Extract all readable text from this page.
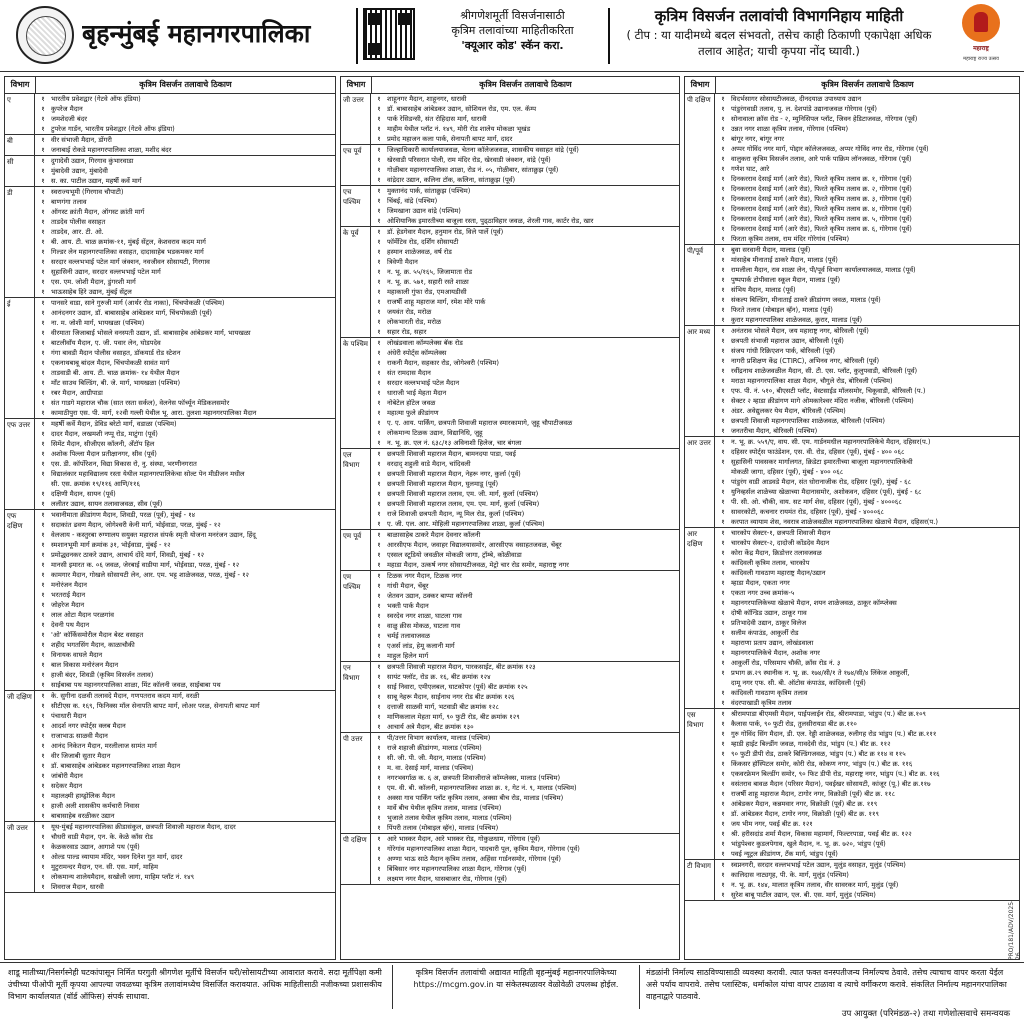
बृहन्मुंबई महानगरपालिका
श्रीगणेशमूर्ती विसर्जनासाठी
कृत्रिम तलावांच्या माहितीकरिता
'क्यूआर कोड' स्कॅन करा.
कृत्रिम विसर्जन तलावांची विभागनिहाय माहिती
( टीप : या यादीमध्ये बदल संभवतो, तसेच काही ठिकाणी एकापेक्षा अधिक तलाव आहेत; याची कृपया नोंद घ्यावी.)	महाराष्ट्र
महाराष्ट्र राज्य उत्सव
विभाग	कृत्रिम विसर्जन तलावाचे ठिकाण
ए	१ भारतीय प्रवेशद्वार (गेटवे ऑफ इंडिया)
१ कुपरेज मैदान
१ जमशेदजी बंदर
१ टुपरेज गार्डन, भारतीय प्रवेशद्वार (गेटवे ऑफ इंडिया)
बी	१ वीर संभाजी मैदान, डोंगरी
१ जनाबाई रोकडे महानगरपालिका शाळा, मशीद बंदर
सी	१ दुगादेवी उद्यान, गिरगाव कुंभारवाडा
१ मुंबादेवी उद्यान, मुंबादेवी
१ स. का. पाटील उद्यान, महर्षी कर्वे मार्ग
डी	१ स्वराज्यभूमी (गिरगाव चौपाटी)
१ बाणगंगा तलाव
१ ऑगस्ट क्रांती मैदान, ऑगस्ट क्रांती मार्ग
१ ताडदेव पोलीस वसाहत
१ ताडदेव, आर. टी. ओ.
१ बी. आय. टी. चाळ क्रमांक-११, मुंबई सेंट्रल, केशवराव कदम मार्ग
१ गिल्डर लेन महानगरपालिका वसाहत, दादासाहेब भडकमकर मार्ग
१ सरदार वल्लभभाई पटेल मार्ग जंक्शन, नवजीवन सोसायटी, गिरगाव
१ सुहासिनी उद्यान, सरदार वल्लभभाई पटेल मार्ग
१ एस. एम. जोशी मैदान, डुंगरशी मार्ग
१ भाऊसाहेब हिरे उद्यान, मुंबई सेंट्रल
ई	१ पानसरे वाडा, साने गुरुजी मार्ग (आर्थर रोड नाका), चिंचपोकळी (पश्चिम)
१ आनंदनगर उद्यान, डॉ. बाबासाहेब आंबेडकर मार्ग, चिंचपोकळी (पूर्व)
१ ना. म. जोशी मार्ग, भायखळा (पश्चिम)
१ वीरमाता जिजाबाई भोसले वनस्पती उद्यान, डॉ. बाबासाहेब आंबेडकर मार्ग, भायखळा
१ बाटलीवाँय मैदान, ए. जी. पवार लेन, घोडपदेव
१ गंगा बावडी मैदान पोलीस वसाहत, डॉकयार्ड रोड स्टेशन
१ एकनाथबाबू बांदल मैदान, चिंचपोकळी सावंत मार्ग
१ ताडवाडी बी. आय. टी. चाळ क्रमांक- १४ येथील मैदान
१ मॉंट साउथ बिल्डिंग, बी. जे. मार्ग, भायखळा (पश्चिम)
१ रबर मैदान, आग्रीपाडा
१ संत गाडगे महाराज चौक (सात रस्ता सर्कल), वेलनेस फॉर्च्यून मेडिकलसमोर
१ कामाठीपुरा एस. पी. मार्ग, १२वी गल्ली येथील भू. आरा. तुलशा महानगरपालिका मैदान
एफ उत्तर	१ महर्षी कर्वे मैदान, डेविड बरेटो मार्ग, वडाळा (पश्चिम)
१ दादर मैदान, लखमशी नप्पू रोड, माटुंगा (पूर्व)
१ सिमेंट मैदान, सीजीएस कॉलनी, ॲंटॉप हिल
१ अशोक पिल्ला मैदान प्रतीक्षानगर, सीव (पूर्व)
१ एस. डी. कॉर्पोरेशन, विद्या विकास रो, नु. संस्था, भरणीनगरात
१ विद्यालंकार महाविद्यालय रस्ता येथील महानगरपालिकेचा सोल्ट पेन मीडीजन मधील
सी. एस. क्रमांक १९/११६ आणि/११६
१ दक्षिणी मैदान, सायन (पूर्व)
१ ललीतर उद्यान, सायन तलावाजवळ, सीव (पूर्व)
एफ दक्षिण
१ भवानीमाता क्रीडांगण मैदान, शिवडी, परळ (पूर्व), मुंबई - १४
१ सदाकांत ढवण मैदान, जोगेश्वरी केनी मार्ग, भोईवाडा, परळ, मुंबई - १२
१ वेलजाय - कस्तुरबा रुग्णालय सयुक्त महाराज संपर्क स्मृती योजना मनरंजन उद्यान, हिंदू
१ स्मशानभूमी मार्ग क्रमांक ३१, भोईवाडा, मुंबई - १२
१ प्रमोद्ध्यनकर ठाकरे उद्यान, आचार्य दोंदे मार्ग, शिवडी, मुंबई - १२
१ मानसी इमारत क. ०६ जवळ, जेरबाई वाडीया मार्ग, भोईवाडा, परळ, मुंबई - १२
१ कामगार मैदान, गोखले सोसायटी लेन, आर. एम. भट्ट शाळेजवळ, परळ, मुंबई - १२
१ मनोरंजन मैदान
१ भरतराई मैदान
१ जोहरेज मैदान
१ लाल ओटा मैदान परळगांव
१ देवनी पथ मैदान
१ 'ओ' कॉर्किसमोरील मैदान बेस्ट वसाहत
१ शहीद भगतसिंग मैदान, काळाचौकी
१ विनायक वाघले मैदान
१ बाल विकास मनोरंजन मैदान
१ हाजी बंदर, शिवडी (कृत्रिम विसर्जन तलाव)
१ साईबाबा पथ महानगरपालिका शाळा, मिंट कॉलनी जवळ, साईबाबा पथ
जी दक्षिण	१ के. सुगीना दळवी तलावदे मैदान, गणपतराव कदम मार्ग, वरळी
१ सीटीएस क. १६९, फिनिक्स मॉल सेनापति बापट मार्ग, लोअर परळ, सेनापती बापट मार्ग
१ पंचाधारी मैदान
१ आदर्श नगर स्पोर्ट्स क्लब मैदान
१ राजाभाऊ साळवी मैदान
१ आनंद निकेतन मैदान, मरलीलाज सामंत मार्ग
१ वीर जिजाबी सुतार मैदान
१ डॉ. बाबासाहेब आंबेडकर महानगरपालिका शाळा मैदान
१ जांबोरी मैदान
१ सदेकर मैदान
१ महालक्ष्मी हाय्ड्रोलिक मैदान
१ हाजी अली शासकीय कर्मचारी निवास
१ बाबासाहेब वरळीकर उद्यान
जी उत्तर	१ यूथ-मुंबई महानगरपालिका क्रीडासंकुल, छत्रपती शिवाजी महाराज मैदान, दादर
१ चौधरी वाडी मैदान, एन. के. केळे कॉस रोड
१ केळकरवाड उद्यान, आगाशे पथ (पूर्व)
१ ओल्ड पाल्ड व्यायाम मंदिर, भवन दिनेश गुत मार्ग, दादर
१ मुटुरामन्दर मैदान, एन. सी. एस. मार्ग, माहिम
१ लोकमान्य शालेयमैदान, सखोली जागा, माहिम प्लॉट नं. १४९
१ शिवराज मैदान, धारवी
विभाग	कृत्रिम विसर्जन तलावाचे ठिकाण
जी उत्तर	१ शाहूनगर मैदान, शाहूनगर, धारावी
१ डॉ. बाबासाहेब आंबेडकर उद्यान, सोशियल रोड, एम. एल. कॅम्प
१ पार्क रेसिडन्सी, संत रोहिदास मार्ग, धारावी
१ माहीम येथील प्लॉट नं. १४९, मोरी रोड शालेय मोकळा भूखंड
१ प्रमोद महाजन कला पार्क, सेनापती बापट मार्ग, दादर
एच पूर्व	१ जिल्हाधिकारी कार्यालयाजवळ, चेतना कॉलेजजवळ, शासकीय वसाहत वांद्रे (पूर्व)
१ खेरवाडी परिसरात पोली, राम मंदिर रोड, खेरवाडी जंक्शन, वांद्रे (पूर्व)
१ गोळीबार महानगरपालिका शाळा, रोड नं. ०५, गोळीबार, सांताक्रुझ (पूर्व)
१ वांद्रेदार उद्यान, कलिना टॉक, कलिना, सांताक्रुझ (पूर्व)
एच पश्चिम
१ मुक्तानंद पार्क, सांताक्रुझ (पश्चिम)
१ चिंबई, वांद्रे (पश्चिम)
१ जिमखाना उद्यान वांद्रे (पश्चिम)
१ ओशियानिक इमारतीच्या बाजूला रस्ता, पुढ्ठाविहार जवळ, शेरली गाव, कार्टर रोड, खार
के पूर्व	१ डॉ. हेडगेवार मैदान, हनुमान रोड, विले पार्ले (पूर्व)
१ फॉर्मेटिव रोड, दर्शिंग सोसायटी
१ हस्मान शाळेजवळ, वर्ष रोड
१ त्रिवेणी मैदान
१ न. भू. क्र. ५५/१६५, जिजामाता रोड
१ न. भू. क्र. ५७१, सहारी रस्ते शाळा
१ महाकाली गुंफा रोड, एमआयडीसी
१ राजर्षी शाहू महाराज मार्ग, रमेश मोरे पार्क
१ जयवंत रोड, मरोळ
१ लोकभारती रोड, मरोळ
१ सहार रोड, सहार
के पश्चिम	१ लोखंडवाला कॉम्पलेक्स बॅक रोड
१ अंधेरी स्पोर्ट्स कॉम्पलेक्स
१ राकनी मैदान, सहकार रोड, जोगेश्वरी (पश्चिम)
१ संत रामदास मैदान
१ सरदार वल्लभभाई पटेल मैदान
१ धाराजी भाई मेहता मैदान
१ नोबेटेल हॉटेल जवळ
१ महात्मा फुले क्रीडांगण
१ ए. ए. आय. पार्किंग, छत्रपती शिवाजी महाराज स्मारकामागे, जुहू चौपाटीजवळ
१ लोकमान्य टिळक उद्यान, विद्यानिधि, जुहू
१ न. भू. क्र. एल नं. ६३८/१३ अविनाशी हिलेज, चार बंगला
एल विभाग
१ छत्रपती शिवाजी महाराज मैदान, बामनदया पाडा, पवई
१ वरदाद् शहुली वाडे मैदान, चांदिवली
१ छत्रपती शिवाजी महाराज मैदान, नेहरू नगर, कुर्ला (पूर्व)
१ छत्रपती शिवाजी महाराज मैदान, घुलमाडू (पूर्व)
१ छत्रपती शिवाजी महाराज तलाव, एम. जी. मार्ग, कुर्ला (पश्चिम)
१ छत्रपती शिवाजी महाराज तलाव, एम. एम. मार्ग, कुर्ला (पश्चिम)
१ राजे शिवाजी छत्रपती मैदान, न्यू मिल रोड, कुर्ला (पश्चिम)
१ ए. जी. एल. आर. मोहिली महानगरपालिका शाळा, कुर्ला (पश्चिम)
एम पूर्व	१ बाळासाहेब ठाकरे मैदान देवनार कॉलनी
१ आरसीएफ मैदान, जवाहर विद्यालयासमोर, आरसीएफ वसाहतजवळ, चेंबूर
१ एस्सल स्टूडियो जवळील मोकळी जागा, ट्रॉम्बे, कोळीवाडा
१ महाडा मैदान, उत्कर्ष नगर सोसायटीजवळ, मेट्रो चार रोड समोर, महाराष्ट्र नगर
एम पश्चिम
१ टिळक नगर मैदान, टिळक नगर
१ गांधी मैदान, चेंबूर
१ जेतवन उद्यान, ठक्कर बाप्पा कॉलनी
१ भक्ती पार्क मैदान
१ स्वरदेव नगर शाळा, घाटला गाव
१ वाळु क्रीस मोकळ, घाटला गाव
१ चर्मई तलावाजवळ
१ एअर्स लांड, हेमू कलानी मार्ग
१ माहुल हिलेन मार्ग
एन विभाग
१ छत्रपती शिवाजी महाराज मैदान, पारकसाईट, बीट क्रमांक १२३
१ सायंट फ्लॉट, रोड क्र. १६, बीट क्रमांक १२४
१ साई निवारा, एमीएलबल, घाटकोपर (पूर्व) बीट क्रमांक १२५
१ साबू नेहरू मैदान, साईनाथ नगर रोड बीट क्रमांक १२६
१ दत्ताजी साळवी मार्ग, भटवाडी बीट क्रमांक १२८
१ माणिकलाल मेहता मार्ग, ९० फुटी रोड, बीट क्रमांक १२९
१ आचार्य अत्रे मैदान, बीट क्रमांक १३०
पी उत्तर	१ पी/उत्तर विभाग कार्यालय, मालाड (पश्चिम)
१ राजे शहाजी क्रीडांगण, मालाड (पश्चिम)
१ सी. जी. पी. जी. मैदान, मालाड (पश्चिम)
१ म. वा. देसाई मार्ग, मालाड (पश्चिम)
१ नगरभवर्गाळ क. ६ अ, छत्रपती शिवाजीराजे कॉम्प्लेक्स, मालाड (पश्चिम)
१ एम. वी. बी. कॉलनी, महानगरपालिका शाळा क्र. १, गेट नं. ९, मालाड (पश्चिम)
१ अक्सा गाव पार्किंग प्लॉट कृत्रिम तलाव, अक्सा बीच रोड, मालाड (पश्चिम)
१ मार्वे बीच येथील कृत्रिम तलाव, मालाड (पश्चिम)
१ भुजाले तलाव येथील कृत्रिम तलाव, मालाड (पश्चिम)
१ पिंपरी तलाव (मोबाइल व्हॅन), मालाड (पश्चिम)
पी दक्षिण	१ आरे भास्कर मैदान, आरे भास्कर रोड, गोकुळधाम, गोरेगाव (पूर्व)
१ गोरेगांव महानगरपालिका शाळा मैदान, पादचारी पूल, कृत्रिम मैदान, गोरेगाव (पूर्व)
१ अण्णा भाऊ साठे मैदान कृत्रिम तलाव, अहिंसा गार्डनसमोर, गोरेगाव (पूर्व)
१ बिंबिसार नगर महानगरपालिका शाळा मैदान, गोरेगाव (पूर्व)
१ लक्ष्मण नगर मैदान, घासबाजार रोड, गोरेगाव (पूर्व)
विभाग	कृत्रिम विसर्जन तलावाचे ठिकाण
पी दक्षिण	१ विदर्भसागर सोसायटीजवळ, दीनदयाळ उपाध्याय उद्यान
१ पांडुरंगवाडी तलाव, पु. ल. देशपांडे उद्यानाजवळ गोरेगाव (पूर्व)
१ सोनावाला क्रॉस रोड - २, म्युनिसिपल प्लॉट, जिवन हेडिटाजवळ, गोरेगाव (पूर्व)
१ उन्नत नगर शाळा कृत्रिम तलाव, गोरेगाव (पश्चिम)
१ बांगूर नगर, बांगूर नगर
१ अप्पर गोविंद नगर मार्ग, पोद्दार कॉलेजजवळ, अप्पर गोविंद नगर रोड, गोरेगाव (पूर्व)
१ वालुकरा कृत्रिम विसर्जन तलाव, आरे पार्क पाक्रिम लॉनजवळ, गोरेगाव (पूर्व)
१ गणेश घाट, आरे
१ दिनकरराव देसाई मार्ग (आरे रोड), फिरते कृत्रिम तलाव क्र. १, गोरेगाव (पूर्व)
१ दिनकरराव देसाई मार्ग (आरे रोड), फिरते कृत्रिम तलाव क्र. २, गोरेगाव (पूर्व)
१ दिनकरराव देसाई मार्ग (आरे रोड), फिरते कृत्रिम तलाव क्र. ३, गोरेगाव (पूर्व)
१ दिनकरराव देसाई मार्ग (आरे रोड), फिरते कृत्रिम तलाव क्र. ४, गोरेगाव (पूर्व)
१ दिनकरराव देसाई मार्ग (आरे रोड), फिरते कृत्रिम तलाव क्र. ५, गोरेगाव (पूर्व)
१ दिनकरराव देसाई मार्ग (आरे रोड), फिरते कृत्रिम तलाव क्र. ६, गोरेगाव (पूर्व)
१ फिरता कृत्रिम तलाव, राम मंदिर गोरेगांव (पश्चिम)
पी/पूर्व	१ बुवा सरवानी मैदान, मालाड (पूर्व)
१ मांसाहेब मीनाताई ठाकरे मैदान, मालाड (पूर्व)
१ रामलीला मैदान, राव शाळा लेन, पी/पूर्व विभाग कार्यालयाजवळ, मालाड (पूर्व)
१ पुष्पपार्क टोपीवाला स्कूल मैदान, मालाड (पूर्व)
१ संभिय मैदान, मालाड (पूर्व)
१ संकल्प बिल्डिंग, मीनाताई ठाकरे क्रीडांगण जवळ, मालाड (पूर्व)
१ फिरते तलाव (मोबाइल व्हॅन), मालाड (पूर्व)
१ कुरार महानगरपालिका शाळेजवळ, कुरार, मालाड (पूर्व)
आर मध्य	१ अनंतराव भोसले मैदान, जय महाराष्ट्र नगर, बोरिवली (पूर्व)
१ छत्रपती संभाजी महाराज उद्यान, बोरिवली (पूर्व)
१ संजय गांधी रिक्रिएशन पार्क, बोरिवली (पूर्व)
१ नागरी प्रशिक्षण केंद्र (CTIRC), अभिनव नगर, बोरिवली (पूर्व)
१ रवींद्रनाथ शाळेजवळील मैदान, सी. टी. एस. प्लॉट, कुलुपवाडी, बोरिवली (पूर्व)
१ मराठा महानगरपालिका शाळा मैदान, चौगुले रोड, बोरिवली (पश्चिम)
१ एफ. पी. नं. ५१०, बीएसटी प्लॉट, वेस्टसाईड मॉलसमोर, चिकूवाडी, बोरिवली (प.)
१ सेक्टर २ म्हाडा क्रीडांगण मागे ओमकारेश्वर मंदिरा नजीक, बोरिवली (पश्चिम)
१ अंडर. अवेद्युलकर येथ मैदान, बोरिवली (पश्चिम)
१ छत्रपती शिवाजी महानगरपालिका शाळेजवळ, बोरिवली (पश्चिम)
१ जनतरीचा मैदान, बोरिवली (पश्चिम)
आर उत्तर	१ न. भू. क्र. ५५९/ए, वाय. सी. एम. गार्डनमधील महानगरपालिकेचे मैदान, दहिसर(प.)
१ दहिसर स्पोर्ट्स फाउंडेशन, एस. वी. रोड, दहिसर (पूर्व), मुंबई - ४०० ०६८
१ सुहासिनी पावसकर मार्गालगत, क्रिडेटा इमारतीच्या बाजूला महानगरपालिकेची
मोकळी जागा, दहिसर (पूर्व), मुंबई - ४०० ०६८
१ पांडुरंग वाडी आडवडे मैदान, संत धोरानाजीक रोड, दहिसर (पूर्व), मुंबई - ६८
१ युनिव्हर्सल शाळेच्या खेळाच्या मैदानासमोर, अशोकवन, दहिसर (पूर्व), मुंबई - ६८
१ पी. सी. ओ. चौकी, वाय. सट मार्ग शेस, दहिसर (पूर्व), मुंबई - ४०००६८
१ सावरकोटी, कचनार रायमंत रोड, दहिसर (पूर्व), मुंबई - ४०००६८
१ करपात व्यायाम शेस, नवरात्र शाळेजवळील महानगरपालिका खेळाचे मैदान, दहिसर(प.)
आर दक्षिण
१ चारकोप सेक्टर-१, छत्रपती शिवाजी मैदान
१ चारकोप सेक्टर-२, दादोजी कोंडदेव मैदान
१ कोरा केंद्र मैदान, क्रिडोत्तर तलावजवळ
१ कांदिवली कृत्रिम तलाव, चारकोप
१ कांदिवली गावठाण महाराष्ट्र मैदान/उद्यान
१ म्हाडा मैदान, एकता नगर
१ एकता नगर उच्च क्रमांक-५
१ महानगरपालिकेच्या खेळाचे मैदान, शयन शाळेजवळ, ठाकूर कॉम्प्लेक्स
१ दोषी कॉन्डिड उद्यान, ठाकूर गाव
१ प्रतिभादेवी उद्यान, ठाकूर विलेज
१ सलीम कंपाउंड, आकुर्ली रोड
१ महाराणा प्रताप उद्यान, लोखंडवाला
१ महानगरपालिकेचे मैदान, अशोक नगर
१ आकुर्ली रोड, परिसमाप चौकी, क्रॉस रोड नं. ३
१ प्रभाग क्र.२९ स्थानीक न. भू. क्र. १७४/सी/१ ते १७४/सी/४ लिंकेज आकुर्ली,
दामू नगर एफ. सी. बी. ऑटोस कंपाउंड, कांदिवली (पूर्व)
१ कांदिवली गावठाण कृत्रिम तलाव
१ वंदरपाखाडी कृत्रिम तलाव
एस विभाग
१ श्रीरामपाडा बीएमसी मैदान, पाईपलाईन रोड, श्रीरामपाडा, भांडुप (प.) बीट क्र.१०९
१ कैलास पार्क, ९० फुटी रोड, तुलसीरायडा बीट क्र.११०
१ गुरु गोविंद सिंग मैदान, डी. एल. रेड्डी शाळेजवळ, रुलीगह रोड भांडुप (प.) बीट क्र.१११
१ म्हाडी हाईट बिल्डींग जवळ, गावदेवी रोड, भांडुप (प.) बीट क्र. ११२
१ ९० फुटी डीपी रोड, ठाकरे बिल्डिंगजवळ, भांडुप (प.) बीट क्र ११४ व ११५
१ किंकसर हॉस्पिटल समोर, कोरी रोड, कोकण नगर, भांडुप (प.) बीट क्र. ११६
१ एकवरफ्रेमन बिल्डींग समोर, ९० फिट डीपी रोड, महाराष्ट्र नगर, भांडुप (प.) बीट क्र. ११६
१ वसंतराव बावळ मैदान (परिसर मैदान), पवईखर सोसायटी, कांजूर (पू.) बीट क्र.११७
१ राजर्षी शाहू महाराज मैदान, टागोर नगर, विक्रोळी (पूर्व) बीट क्र. ११८
१ आंबेडकर मैदान, कन्नमवार नगर, विक्रोळी (पूर्व) बीट क्र. ११९
१ डॉ. आंबेडकर मैदान, टागोर नगर, विक्रोळी (पूर्व) बीट क्र. ११९
१ जय भीम नगर, पवई बीट क्र. १२१
१ श्री. हरीसदांड शर्मा मैदान, विकास महामार्ग, फिल्टरपाडा, पवई बीट क्र. १२२
१ भांडुपेश्वर कुडलपेगाव, खुले मैदान, न. भू. क्र. ७२०, भांडुप (पूर्व)
१ पवई न्यूट्रल क्रीडांगण, टँक मार्ग, भांडुप (पूर्व)
टी विभाग	१ स्वप्ननगरी, सरदार वल्लभभाई पटेल उद्यान, मुलुंड वसाहत, मुलुंड (पश्चिम)
१ कालिदास नाट्यगृह, पी. के. मार्ग, मुलुंड (पश्चिम)
१ न. भू. क्र. १४४, मालात कृत्रिम तलाव, वीर सावरकर मार्ग, मुलुंड (पूर्व)
१ सुरेश बाबू पाटील उद्यान, एल. बी. एस. मार्ग, मुलुंड (पश्चिम)
PRO/181/ADV/2025-26
शाडू मातीच्या/निसर्गस्नेही घटकांपासून निर्मित घरगुती श्रीगणेश मूर्तीचे विसर्जन घरी/सोसायटीच्या आवारात करावे. सदा मूर्तीपेक्षा कमी उंचीच्या पीओपी मूर्ती कृपया आपल्या जवळच्या कृत्रिम तलावांमध्येच विसर्जित करावयात. अधिक माहितीसाठी नजीकच्या प्रशासकीय विभाग कार्यालयात (वॉर्ड ऑफिस) संपर्क साधावा.
कृत्रिम विसर्जन तलावांची अद्यावत माहिती बृहन्मुंबई महानगरपालिकेच्या
https://mcgm.gov.in या संकेतस्थळावर वेळोवेळी उपलब्ध होईल.
मंडळांनी निर्माल्य साठविण्यासाठी व्यवस्था करावी. त्यात फक्त वनस्पतीजन्य निर्माल्यच ठेवावे. तसेच त्याचाच वापर करता येईल असे पर्याय वापरावे. तसेच प्लास्टिक, थर्माकोल यांचा वापर टाळावा व त्याचे वर्गीकरण करावे. संकलित निर्माल्य महानगरपालिका वाहनाद्वारे पाठवावे.
उप आयुक्त (परिमंडळ-२) तथा गणेशोत्सवाचे समन्वयक
